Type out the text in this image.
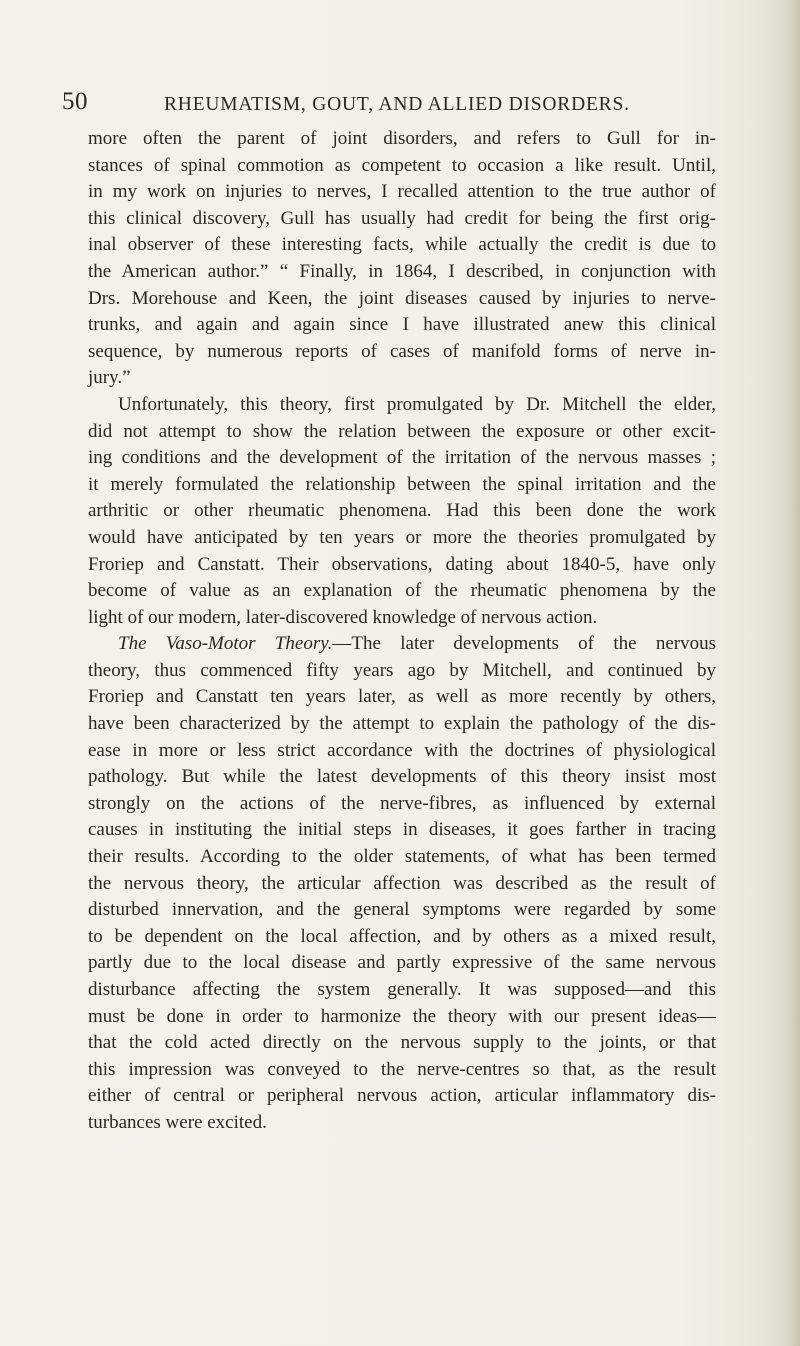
50	RHEUMATISM, GOUT, AND ALLIED DISORDERS.
more often the parent of joint disorders, and refers to Gull for in-
stances of spinal commotion as competent to occasion a like result. Until,
in my work on injuries to nerves, I recalled attention to the true author of
this clinical discovery, Gull has usually had credit for being the first orig-
inal observer of these interesting facts, while actually the credit is due to
the American author.” “ Finally, in 1864, I described, in conjunction with
Drs. Morehouse and Keen, the joint diseases caused by injuries to nerve-
trunks, and again and again since I have illustrated anew this clinical
sequence, by numerous reports of cases of manifold forms of nerve in-
jury.”
Unfortunately, this theory, first promulgated by Dr. Mitchell the elder,
did not attempt to show the relation between the exposure or other excit-
ing conditions and the development of the irritation of the nervous masses ;
it merely formulated the relationship between the spinal irritation and the
arthritic or other rheumatic phenomena. Had this been done the work
would have anticipated by ten years or more the theories promulgated by
Froriep and Canstatt. Their observations, dating about 1840-5, have only
become of value as an explanation of the rheumatic phenomena by the
light of our modern, later-discovered knowledge of nervous action.
The Vaso-Motor Theory.—The later developments of the nervous
theory, thus commenced fifty years ago by Mitchell, and continued by
Froriep and Canstatt ten years later, as well as more recently by others,
have been characterized by the attempt to explain the pathology of the dis-
ease in more or less strict accordance with the doctrines of physiological
pathology. But while the latest developments of this theory insist most
strongly on the actions of the nerve-fibres, as influenced by external
causes in instituting the initial steps in diseases, it goes farther in tracing
their results. According to the older statements, of what has been termed
the nervous theory, the articular affection was described as the result of
disturbed innervation, and the general symptoms were regarded by some
to be dependent on the local affection, and by others as a mixed result,
partly due to the local disease and partly expressive of the same nervous
disturbance affecting the system generally. It was supposed—and this
must be done in order to harmonize the theory with our present ideas—
that the cold acted directly on the nervous supply to the joints, or that
this impression was conveyed to the nerve-centres so that, as the result
either of central or peripheral nervous action, articular inflammatory dis-
turbances were excited.
